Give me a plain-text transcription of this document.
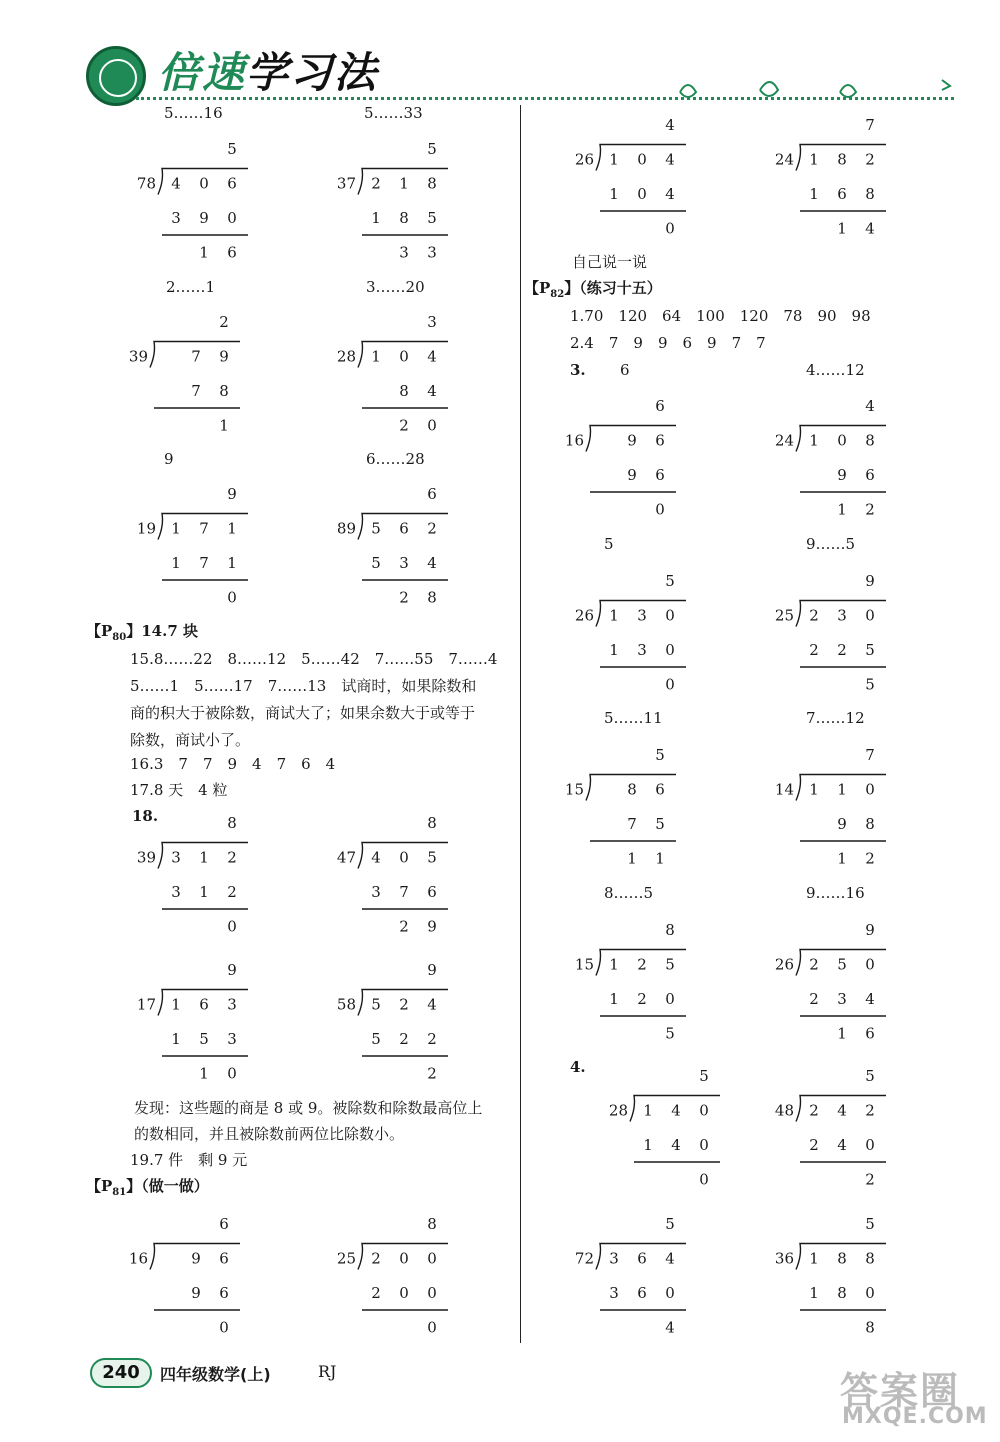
倍速学习法
5……16	5……33
2……1	3……20
9	6……28
【$P_{80}$】14.7 块
15.8……22　8……12　5……42　7……55　7……4
5……1　5……17　7……13　试商时，如果除数和
商的积大于被除数，商试大了；如果余数大于或等于
除数，商试小了。
16.3　7　7　9　4　7　6　4
17.8 天　4 粒
18.
发现：这些题的商是 8 或 9。被除数和除数最高位上
的数相同，并且被除数前两位比除数小。
19.7 件　剩 9 元
【$P_{81}$】（做一做）
自己说一说
【$P_{82}$】（练习十五）
1.70　120　64　100　120　78　90　98
2.4　7　9　9　6　9　7　7
3. 6	4……12
5	9……5
5……11	7……12
8……5	9……16
4.
5
78 4 0 6
3 9 0
1 6
5
37 2 1 8
1 8 5
3 3
2
39	7 9
7 8
1
3
28 1 0 4
8 4
2 0
9
19 1 7 1
1 7 1
0
6
89 5 6 2
5 3 4
2 8
8
39 3 1 2
3 1 2
0
8
47 4 0 5
3 7 6
2 9
9
17 1 6 3
1 5 3
1 0
9
58 5 2 4
5 2 2
2
6
16	9 6
9 6
0
8
25 2 0 0
2 0 0
0
4
26 1 0 4
1 0 4
0
7
24 1 8 2
1 6 8
1 4
6
16	9 6
9 6
0
4
24 1 0 8
9 6
1 2
5
26 1 3 0
1 3 0
0
9
25 2 3 0
2 2 5
5
5
15	8 6
7 5
1 1
7
14 1 1 0
9 8
1 2
8
15 1 2 5
1 2 0
5
9
26 2 5 0
2 3 4
1 6
5
28 1 4 0
1 4 0
0
5
48 2 4 2
2 4 0
2
5
72 3 6 4
3 6 0
4
5
36 1 8 8
1 8 0
8
240	四年级数学(上)	RJ	答案圈
MXQE.COM
